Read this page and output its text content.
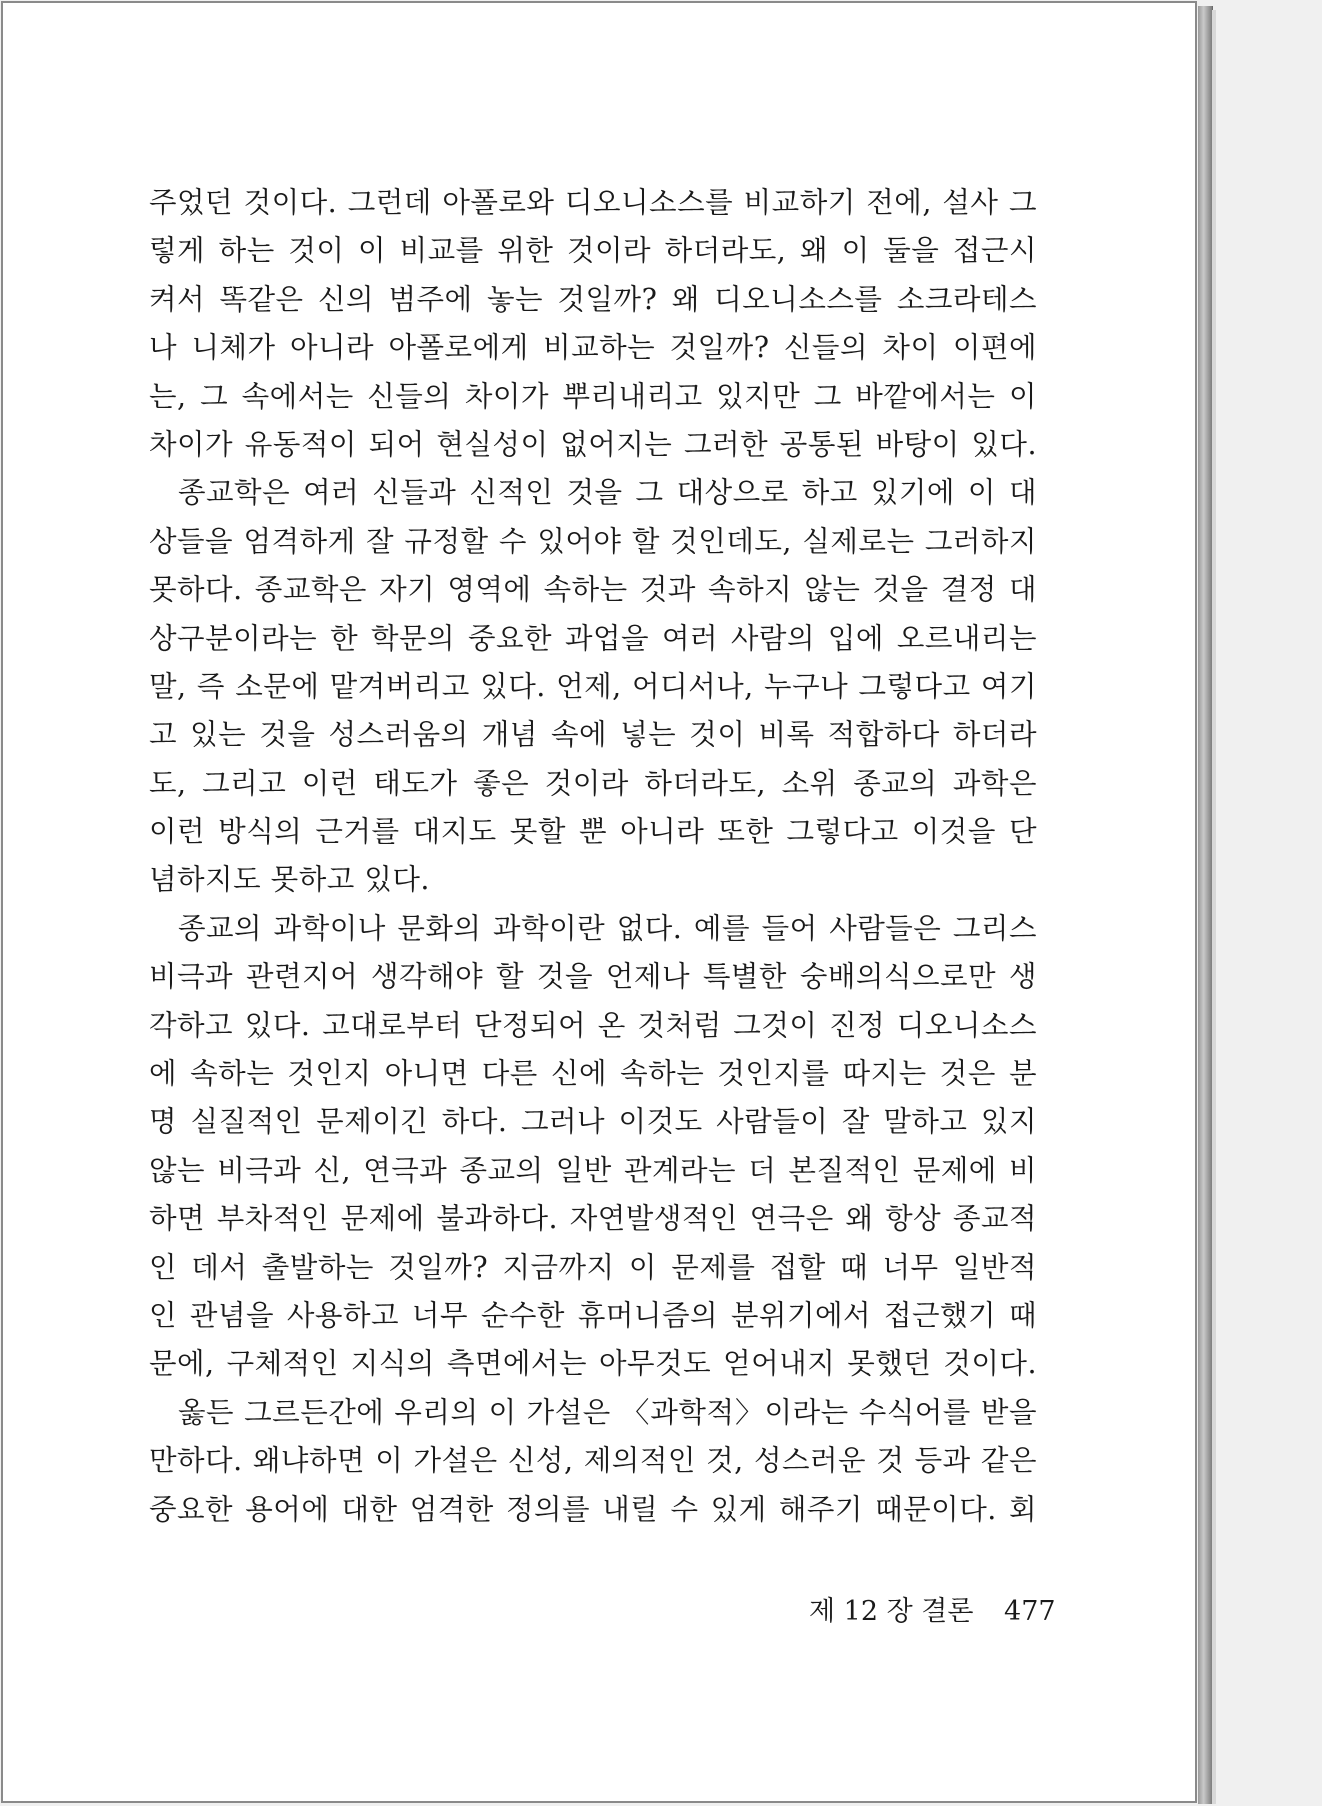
주었던 것이다. 그런데 아폴로와 디오니소스를 비교하기 전에, 설사 그
렇게 하는 것이 이 비교를 위한 것이라 하더라도, 왜 이 둘을 접근시
켜서 똑같은 신의 범주에 놓는 것일까? 왜 디오니소스를 소크라테스
나 니체가 아니라 아폴로에게 비교하는 것일까? 신들의 차이 이편에
는, 그 속에서는 신들의 차이가 뿌리내리고 있지만 그 바깥에서는 이
차이가 유동적이 되어 현실성이 없어지는 그러한 공통된 바탕이 있다.
종교학은 여러 신들과 신적인 것을 그 대상으로 하고 있기에 이 대
상들을 엄격하게 잘 규정할 수 있어야 할 것인데도, 실제로는 그러하지
못하다. 종교학은 자기 영역에 속하는 것과 속하지 않는 것을 결정 대
상구분이라는 한 학문의 중요한 과업을 여러 사람의 입에 오르내리는
말, 즉 소문에 맡겨버리고 있다. 언제, 어디서나, 누구나 그렇다고 여기
고 있는 것을 성스러움의 개념 속에 넣는 것이 비록 적합하다 하더라
도, 그리고 이런 태도가 좋은 것이라 하더라도, 소위 종교의 과학은
이런 방식의 근거를 대지도 못할 뿐 아니라 또한 그렇다고 이것을 단
념하지도 못하고 있다.
종교의 과학이나 문화의 과학이란 없다. 예를 들어 사람들은 그리스
비극과 관련지어 생각해야 할 것을 언제나 특별한 숭배의식으로만 생
각하고 있다. 고대로부터 단정되어 온 것처럼 그것이 진정 디오니소스
에 속하는 것인지 아니면 다른 신에 속하는 것인지를 따지는 것은 분
명 실질적인 문제이긴 하다. 그러나 이것도 사람들이 잘 말하고 있지
않는 비극과 신, 연극과 종교의 일반 관계라는 더 본질적인 문제에 비
하면 부차적인 문제에 불과하다. 자연발생적인 연극은 왜 항상 종교적
인 데서 출발하는 것일까? 지금까지 이 문제를 접할 때 너무 일반적
인 관념을 사용하고 너무 순수한 휴머니즘의 분위기에서 접근했기 때
문에, 구체적인 지식의 측면에서는 아무것도 얻어내지 못했던 것이다.
옳든 그르든간에 우리의 이 가설은 〈과학적〉이라는 수식어를 받을
만하다. 왜냐하면 이 가설은 신성, 제의적인 것, 성스러운 것 등과 같은
중요한 용어에 대한 엄격한 정의를 내릴 수 있게 해주기 때문이다. 회
제 12 장 결론 477
